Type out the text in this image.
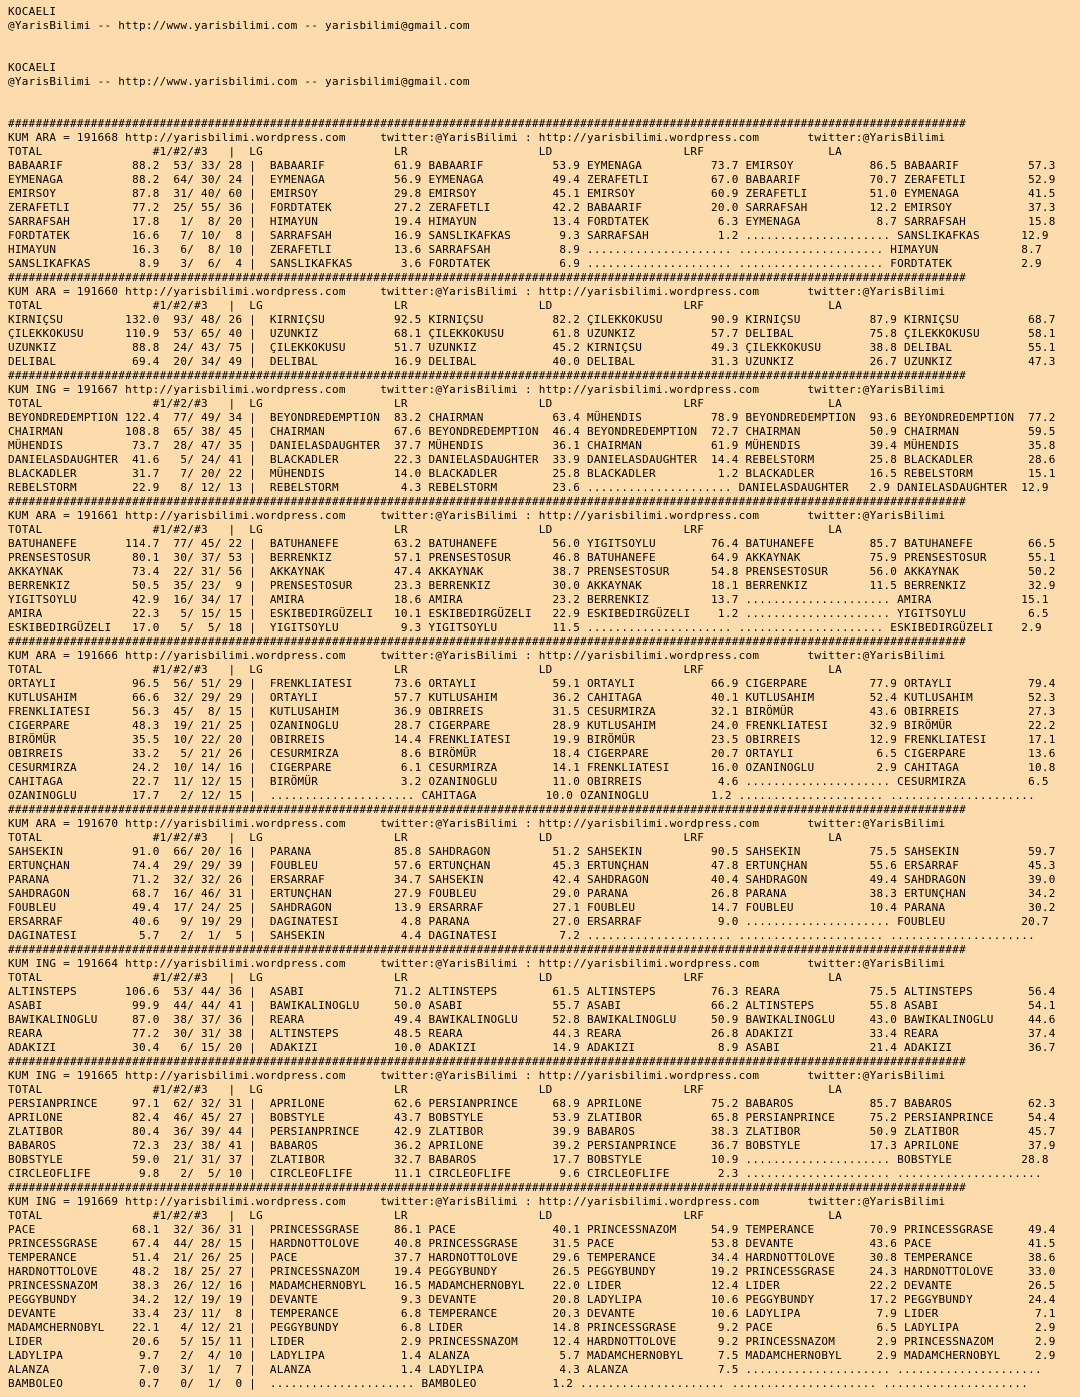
KOCAELI
@YarisBilimi -- http://www.yarisbilimi.com -- yarisbilimi@gmail.com

KOCAELI
@YarisBilimi -- http://www.yarisbilimi.com -- yarisbilimi@gmail.com

###########################################################################################################################################
KUM ARA = 191668 http://yarisbilimi.wordpress.com     twitter:@YarisBilimi : http://yarisbilimi.wordpress.com       twitter:@YarisBilimi
TOTAL                #1/#2/#3   |  LG                   LR                   LD                   LRF                  LA
BABAARIF          88.2  53/ 33/ 28 |  BABAARIF          61.9 BABAARIF          53.9 EYMENAGA          73.7 EMIRSOY           86.5 BABAARIF          57.3
EYMENAGA          88.2  64/ 30/ 24 |  EYMENAGA          56.9 EYMENAGA          49.4 ZERAFETLI         67.0 BABAARIF          70.7 ZERAFETLI         52.9
EMIRSOY           87.8  31/ 40/ 60 |  EMIRSOY           29.8 EMIRSOY           45.1 EMIRSOY           60.9 ZERAFETLI         51.0 EYMENAGA          41.5
ZERAFETLI         77.2  25/ 55/ 36 |  FORDTATEK         27.2 ZERAFETLI         42.2 BABAARIF          20.0 SARRAFSAH         12.2 EMIRSOY           37.3
SARRAFSAH         17.8   1/  8/ 20 |  HIMAYUN           19.4 HIMAYUN           13.4 FORDTATEK          6.3 EYMENAGA           8.7 SARRAFSAH         15.8
FORDTATEK         16.6   7/ 10/  8 |  SARRAFSAH         16.9 SANSLIKAFKAS       9.3 SARRAFSAH          1.2 ..................... SANSLIKAFKAS      12.9
HIMAYUN           16.3   6/  8/ 10 |  ZERAFETLI         13.6 SARRAFSAH          8.9 ..................... ..................... HIMAYUN            8.7
SANSLIKAFKAS       8.9   3/  6/  4 |  SANSLIKAFKAS       3.6 FORDTATEK          6.9 ..................... ..................... FORDTATEK          2.9
###########################################################################################################################################
KUM ARA = 191660 http://yarisbilimi.wordpress.com     twitter:@YarisBilimi : http://yarisbilimi.wordpress.com       twitter:@YarisBilimi
TOTAL                #1/#2/#3   |  LG                   LR                   LD                   LRF                  LA
KIRNIÇSU         132.0  93/ 48/ 26 |  KIRNIÇSU          92.5 KIRNIÇSU          82.2 ÇILEKKOKUSU       90.9 KIRNIÇSU          87.9 KIRNIÇSU          68.7
ÇILEKKOKUSU      110.9  53/ 65/ 40 |  UZUNKIZ           68.1 ÇILEKKOKUSU       61.8 UZUNKIZ           57.7 DELIBAL           75.8 ÇILEKKOKUSU       58.1
UZUNKIZ           88.8  24/ 43/ 75 |  ÇILEKKOKUSU       51.7 UZUNKIZ           45.2 KIRNIÇSU          49.3 ÇILEKKOKUSU       38.8 DELIBAL           55.1
DELIBAL           69.4  20/ 34/ 49 |  DELIBAL           16.9 DELIBAL           40.0 DELIBAL           31.3 UZUNKIZ           26.7 UZUNKIZ           47.3
###########################################################################################################################################
KUM ING = 191667 http://yarisbilimi.wordpress.com     twitter:@YarisBilimi : http://yarisbilimi.wordpress.com       twitter:@YarisBilimi
TOTAL                #1/#2/#3   |  LG                   LR                   LD                   LRF                  LA
BEYONDREDEMPTION 122.4  77/ 49/ 34 |  BEYONDREDEMPTION  83.2 CHAIRMAN          63.4 MÜHENDIS          78.9 BEYONDREDEMPTION  93.6 BEYONDREDEMPTION  77.2
CHAIRMAN         108.8  65/ 38/ 45 |  CHAIRMAN          67.6 BEYONDREDEMPTION  46.4 BEYONDREDEMPTION  72.7 CHAIRMAN          50.9 CHAIRMAN          59.5
MÜHENDIS          73.7  28/ 47/ 35 |  DANIELASDAUGHTER  37.7 MÜHENDIS          36.1 CHAIRMAN          61.9 MÜHENDIS          39.4 MÜHENDIS          35.8
DANIELASDAUGHTER  41.6   5/ 24/ 41 |  BLACKADLER        22.3 DANIELASDAUGHTER  33.9 DANIELASDAUGHTER  14.4 REBELSTORM        25.8 BLACKADLER        28.6
BLACKADLER        31.7   7/ 20/ 22 |  MÜHENDIS          14.0 BLACKADLER        25.8 BLACKADLER         1.2 BLACKADLER        16.5 REBELSTORM        15.1
REBELSTORM        22.9   8/ 12/ 13 |  REBELSTORM         4.3 REBELSTORM        23.6 ..................... DANIELASDAUGHTER   2.9 DANIELASDAUGHTER  12.9
###########################################################################################################################################
KUM ARA = 191661 http://yarisbilimi.wordpress.com     twitter:@YarisBilimi : http://yarisbilimi.wordpress.com       twitter:@YarisBilimi
TOTAL                #1/#2/#3   |  LG                   LR                   LD                   LRF                  LA
BATUHANEFE       114.7  77/ 45/ 22 |  BATUHANEFE        63.2 BATUHANEFE        56.0 YIGITSOYLU        76.4 BATUHANEFE        85.7 BATUHANEFE        66.5
PRENSESTOSUR      80.1  30/ 37/ 53 |  BERRENKIZ         57.1 PRENSESTOSUR      46.8 BATUHANEFE        64.9 AKKAYNAK          75.9 PRENSESTOSUR      55.1
AKKAYNAK          73.4  22/ 31/ 56 |  AKKAYNAK          47.4 AKKAYNAK          38.7 PRENSESTOSUR      54.8 PRENSESTOSUR      56.0 AKKAYNAK          50.2
BERRENKIZ         50.5  35/ 23/  9 |  PRENSESTOSUR      23.3 BERRENKIZ         30.0 AKKAYNAK          18.1 BERRENKIZ         11.5 BERRENKIZ         32.9
YIGITSOYLU        42.9  16/ 34/ 17 |  AMIRA             18.6 AMIRA             23.2 BERRENKIZ         13.7 ..................... AMIRA             15.1
AMIRA             22.3   5/ 15/ 15 |  ESKIBEDIRGÜZELI   10.1 ESKIBEDIRGÜZELI   22.9 ESKIBEDIRGÜZELI    1.2 ..................... YIGITSOYLU         6.5
ESKIBEDIRGÜZELI   17.0   5/  5/ 18 |  YIGITSOYLU         9.3 YIGITSOYLU        11.5 ..................... ..................... ESKIBEDIRGÜZELI    2.9
###########################################################################################################################################
KUM ARA = 191666 http://yarisbilimi.wordpress.com     twitter:@YarisBilimi : http://yarisbilimi.wordpress.com       twitter:@YarisBilimi
TOTAL                #1/#2/#3   |  LG                   LR                   LD                   LRF                  LA
ORTAYLI           96.5  56/ 51/ 29 |  FRENKLIATESI      73.6 ORTAYLI           59.1 ORTAYLI           66.9 CIGERPARE         77.9 ORTAYLI           79.4
KUTLUSAHIM        66.6  32/ 29/ 29 |  ORTAYLI           57.7 KUTLUSAHIM        36.2 CAHITAGA          40.1 KUTLUSAHIM        52.4 KUTLUSAHIM        52.3
FRENKLIATESI      56.3  45/  8/ 15 |  KUTLUSAHIM        36.9 OBIRREIS          31.5 CESURMIRZA        32.1 BIRÖMÜR           43.6 OBIRREIS          27.3
CIGERPARE         48.3  19/ 21/ 25 |  OZANINOGLU        28.7 CIGERPARE         28.9 KUTLUSAHIM        24.0 FRENKLIATESI      32.9 BIRÖMÜR           22.2
BIRÖMÜR           35.5  10/ 22/ 20 |  OBIRREIS          14.4 FRENKLIATESI      19.9 BIRÖMÜR           23.5 OBIRREIS          12.9 FRENKLIATESI      17.1
OBIRREIS          33.2   5/ 21/ 26 |  CESURMIRZA         8.6 BIRÖMÜR           18.4 CIGERPARE         20.7 ORTAYLI            6.5 CIGERPARE         13.6
CESURMIRZA        24.2  10/ 14/ 16 |  CIGERPARE          6.1 CESURMIRZA        14.1 FRENKLIATESI      16.0 OZANINOGLU         2.9 CAHITAGA          10.8
CAHITAGA          22.7  11/ 12/ 15 |  BIRÖMÜR            3.2 OZANINOGLU        11.0 OBIRREIS           4.6 ..................... CESURMIRZA         6.5
OZANINOGLU        17.7   2/ 12/ 15 |  ..................... CAHITAGA          10.0 OZANINOGLU         1.2 ..................... .....................
###########################################################################################################################################
KUM ARA = 191670 http://yarisbilimi.wordpress.com     twitter:@YarisBilimi : http://yarisbilimi.wordpress.com       twitter:@YarisBilimi
TOTAL                #1/#2/#3   |  LG                   LR                   LD                   LRF                  LA
SAHSEKIN          91.0  66/ 20/ 16 |  PARANA            85.8 SAHDRAGON         51.2 SAHSEKIN          90.5 SAHSEKIN          75.5 SAHSEKIN          59.7
ERTUNÇHAN         74.4  29/ 29/ 39 |  FOUBLEU           57.6 ERTUNÇHAN         45.3 ERTUNÇHAN         47.8 ERTUNÇHAN         55.6 ERSARRAF          45.3
PARANA            71.2  32/ 32/ 26 |  ERSARRAF          34.7 SAHSEKIN          42.4 SAHDRAGON         40.4 SAHDRAGON         49.4 SAHDRAGON         39.0
SAHDRAGON         68.7  16/ 46/ 31 |  ERTUNÇHAN         27.9 FOUBLEU           29.0 PARANA            26.8 PARANA            38.3 ERTUNÇHAN         34.2
FOUBLEU           49.4  17/ 24/ 25 |  SAHDRAGON         13.9 ERSARRAF          27.1 FOUBLEU           14.7 FOUBLEU           10.4 PARANA            30.2
ERSARRAF          40.6   9/ 19/ 29 |  DAGINATESI         4.8 PARANA            27.0 ERSARRAF           9.0 ..................... FOUBLEU           20.7
DAGINATESI         5.7   2/  1/  5 |  SAHSEKIN           4.4 DAGINATESI         7.2 ..................... ..................... .....................
###########################################################################################################################################
KUM ING = 191664 http://yarisbilimi.wordpress.com     twitter:@YarisBilimi : http://yarisbilimi.wordpress.com       twitter:@YarisBilimi
TOTAL                #1/#2/#3   |  LG                   LR                   LD                   LRF                  LA
ALTINSTEPS       106.6  53/ 44/ 36 |  ASABI             71.2 ALTINSTEPS        61.5 ALTINSTEPS        76.3 REARA             75.5 ALTINSTEPS        56.4
ASABI             99.9  44/ 44/ 41 |  BAWIKALINOGLU     50.0 ASABI             55.7 ASABI             66.2 ALTINSTEPS        55.8 ASABI             54.1
BAWIKALINOGLU     87.0  38/ 37/ 36 |  REARA             49.4 BAWIKALINOGLU     52.8 BAWIKALINOGLU     50.9 BAWIKALINOGLU     43.0 BAWIKALINOGLU     44.6
REARA             77.2  30/ 31/ 38 |  ALTINSTEPS        48.5 REARA             44.3 REARA             26.8 ADAKIZI           33.4 REARA             37.4
ADAKIZI           30.4   6/ 15/ 20 |  ADAKIZI           10.0 ADAKIZI           14.9 ADAKIZI            8.9 ASABI             21.4 ADAKIZI           36.7
###########################################################################################################################################
KUM ING = 191665 http://yarisbilimi.wordpress.com     twitter:@YarisBilimi : http://yarisbilimi.wordpress.com       twitter:@YarisBilimi
TOTAL                #1/#2/#3   |  LG                   LR                   LD                   LRF                  LA
PERSIANPRINCE     97.1  62/ 32/ 31 |  APRILONE          62.6 PERSIANPRINCE     68.9 APRILONE          75.2 BABAROS           85.7 BABAROS           62.3
APRILONE          82.4  46/ 45/ 27 |  BOBSTYLE          43.7 BOBSTYLE          53.9 ZLATIBOR          65.8 PERSIANPRINCE     75.2 PERSIANPRINCE     54.4
ZLATIBOR          80.4  36/ 39/ 44 |  PERSIANPRINCE     42.9 ZLATIBOR          39.9 BABAROS           38.3 ZLATIBOR          50.9 ZLATIBOR          45.7
BABAROS           72.3  23/ 38/ 41 |  BABAROS           36.2 APRILONE          39.2 PERSIANPRINCE     36.7 BOBSTYLE          17.3 APRILONE          37.9
BOBSTYLE          59.0  21/ 31/ 37 |  ZLATIBOR          32.7 BABAROS           17.7 BOBSTYLE          10.9 ..................... BOBSTYLE          28.8
CIRCLEOFLIFE       9.8   2/  5/ 10 |  CIRCLEOFLIFE      11.1 CIRCLEOFLIFE       9.6 CIRCLEOFLIFE       2.3 ..................... .....................
###########################################################################################################################################
KUM ING = 191669 http://yarisbilimi.wordpress.com     twitter:@YarisBilimi : http://yarisbilimi.wordpress.com       twitter:@YarisBilimi
TOTAL                #1/#2/#3   |  LG                   LR                   LD                   LRF                  LA
PACE              68.1  32/ 36/ 31 |  PRINCESSGRASE     86.1 PACE              40.1 PRINCESSNAZOM     54.9 TEMPERANCE        70.9 PRINCESSGRASE     49.4
PRINCESSGRASE     67.4  44/ 28/ 15 |  HARDNOTTOLOVE     40.8 PRINCESSGRASE     31.5 PACE              53.8 DEVANTE           43.6 PACE              41.5
TEMPERANCE        51.4  21/ 26/ 25 |  PACE              37.7 HARDNOTTOLOVE     29.6 TEMPERANCE        34.4 HARDNOTTOLOVE     30.8 TEMPERANCE        38.6
HARDNOTTOLOVE     48.2  18/ 25/ 27 |  PRINCESSNAZOM     19.4 PEGGYBUNDY        26.5 PEGGYBUNDY        19.2 PRINCESSGRASE     24.3 HARDNOTTOLOVE     33.0
PRINCESSNAZOM     38.3  26/ 12/ 16 |  MADAMCHERNOBYL    16.5 MADAMCHERNOBYL    22.0 LIDER             12.4 LIDER             22.2 DEVANTE           26.5
PEGGYBUNDY        34.2  12/ 19/ 19 |  DEVANTE            9.3 DEVANTE           20.8 LADYLIPA          10.6 PEGGYBUNDY        17.2 PEGGYBUNDY        24.4
DEVANTE           33.4  23/ 11/  8 |  TEMPERANCE         6.8 TEMPERANCE        20.3 DEVANTE           10.6 LADYLIPA           7.9 LIDER              7.1
MADAMCHERNOBYL    22.1   4/ 12/ 21 |  PEGGYBUNDY         6.8 LIDER             14.8 PRINCESSGRASE      9.2 PACE               6.5 LADYLIPA           2.9
LIDER             20.6   5/ 15/ 11 |  LIDER              2.9 PRINCESSNAZOM     12.4 HARDNOTTOLOVE      9.2 PRINCESSNAZOM      2.9 PRINCESSNAZOM      2.9
LADYLIPA           9.7   2/  4/ 10 |  LADYLIPA           1.4 ALANZA             5.7 MADAMCHERNOBYL     7.5 MADAMCHERNOBYL     2.9 MADAMCHERNOBYL     2.9
ALANZA             7.0   3/  1/  7 |  ALANZA             1.4 LADYLIPA           4.3 ALANZA             7.5 ..................... .....................
BAMBOLEO           0.7   0/  1/  0 |  ..................... BAMBOLEO           1.2 ..................... ..................... .....................
